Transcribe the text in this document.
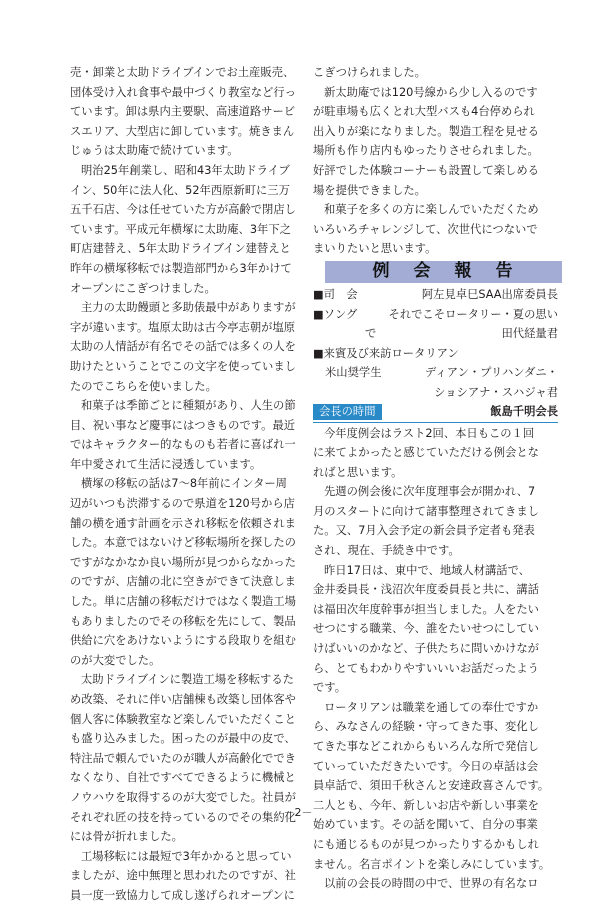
売・卸業と太助ドライブインでお土産販売、
団体受け入れ食事や最中づくり教室など行っ
ています。卸は県内主要駅、高速道路サービ
スエリア、大型店に卸しています。焼きまん
じゅうは太助庵で続けています。
明治25年創業し、昭和43年太助ドライブ
イン、50年に法人化、52年西原新町に三万
五千石店、今は任せていた方が高齢で閉店し
ています。平成元年横塚に太助庵、3年下之
町店建替え、5年太助ドライブイン建替えと
昨年の横塚移転では製造部門から3年かけて
オープンにこぎつけました。
主力の太助饅頭と多助俵最中がありますが
字が違います。塩原太助は古今亭志朝が塩原
太助の人情話が有名でその話では多くの人を
助けたということでこの文字を使っていまし
たのでこちらを使いました。
和菓子は季節ごとに種類があり、人生の節
目、祝い事など慶事にはつきものです。最近
ではキャラクター的なものも若者に喜ばれ一
年中愛されて生活に浸透しています。
横塚の移転の話は7～8年前にインター周
辺がいつも渋滞するので県道を120号から店
舗の横を通す計画を示され移転を依頼されま
した。本意ではないけど移転場所を探したの
ですがなかなか良い場所が見つからなかった
のですが、店舗の北に空きができて決意しま
した。単に店舗の移転だけではなく製造工場
もありましたのでその移転を先にして、製品
供給に穴をあけないようにする段取りを組む
のが大変でした。
太助ドライブインに製造工場を移転するた
め改築、それに伴い店舗棟も改築し団体客や
個人客に体験教室など楽しんでいただくこと
も盛り込みました。困ったのが最中の皮で、
特注品で頼んでいたのが職人が高齢化ででき
なくなり、自社ですべてできるように機械と
ノウハウを取得するのが大変でした。社員が
それぞれ匠の技を持っているのでその集約化
には骨が折れました。
工場移転には最短で3年かかると思ってい
ましたが、途中無理と思われたのですが、社
員一度一致協力して成し遂げられオープンに
こぎつけられました。
新太助庵では120号線から少し入るのです
が駐車場も広くとれ大型バスも4台停められ
出入りが楽になりました。製造工程を見せる
場所も作り店内もゆったりさせられました。
好評でした体験コーナーも設置して楽しめる
場を提供できました。
和菓子を多くの方に楽しんでいただくため
いろいろチャレンジして、次世代につないで
まいりたいと思います。
例 会 報 告
■司　会	阿左見卓巳SAA出席委員長
■ソング	それでこそロータリー・夏の思い
で	田代経量君
■来賓及び来訪ロータリアン
米山奨学生	ディアン・プリハンダニ・
ショシアナ・スハジャ君
会長の時間	飯島千明会長
今年度例会はラスト2回、本日もこの１回
に来てよかったと感じていただける例会とな
ればと思います。
先週の例会後に次年度理事会が開かれ、7
月のスタートに向けて諸事整理されてきまし
た。又、7月入会予定の新会員予定者も発表
され、現在、手続き中です。
昨日17日は、東中で、地域人材講話で、
金井委員長・浅沼次年度委員長と共に、講話
は福田次年度幹事が担当しました。人をたい
せつにする職業、今、誰をたいせつにしてい
けばいいのかなど、子供たちに問いかけなが
ら、とてもわかりやすいいいお話だったよう
です。
ロータリアンは職業を通しての奉仕ですか
ら、みなさんの経験・守ってきた事、変化し
てきた事などこれからもいろんな所で発信し
ていっていただきたいです。今日の卓話は会
員卓話で、須田千秋さんと安達政喜さんです。
二人とも、今年、新しいお店や新しい事業を
始めています。その話を聞いて、自分の事業
にも通じるものが見つかったりするかもしれ
ません。名言ポイントを楽しみにしています。
以前の会長の時間の中で、世界の有名なロ
－2－
